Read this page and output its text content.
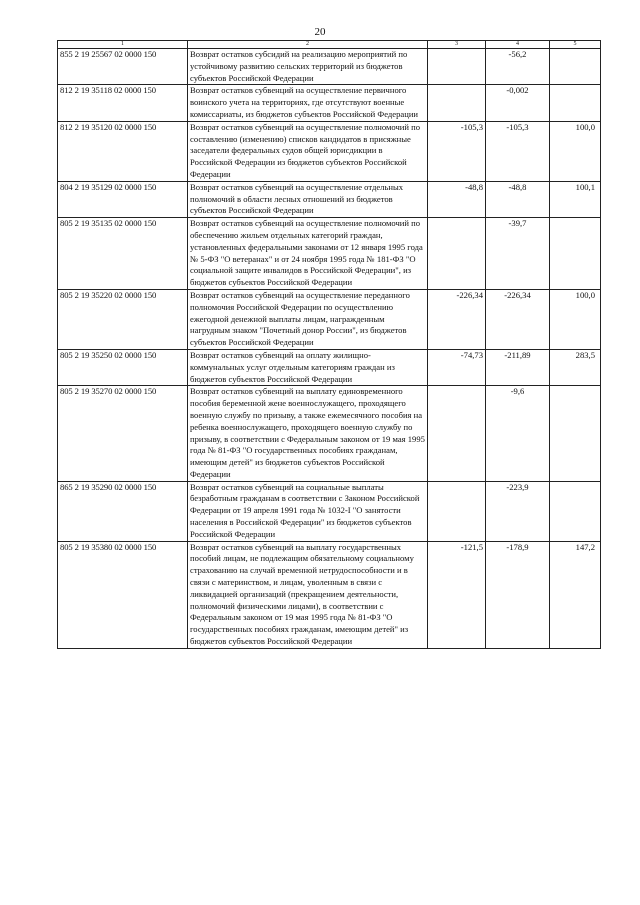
20
1	2	3	4	5
855 2 19 25567 02 0000 150	Возврат остатков субсидий на реализацию мероприятий по устойчивому развитию сельских территорий из бюджетов субъектов Российской Федерации		-56,2	
812 2 19 35118 02 0000 150	Возврат остатков субвенций на осуществление первичного воинского учета на территориях, где отсутствуют военные комиссариаты, из бюджетов субъектов Российской Федерации		-0,002	
812 2 19 35120 02 0000 150	Возврат остатков субвенций на осуществление полномочий по составлению (изменению) списков кандидатов в присяжные заседатели федеральных судов общей юрисдикции в Российской Федерации из бюджетов субъектов Российской Федерации	-105,3	-105,3	100,0
804 2 19 35129 02 0000 150	Возврат остатков субвенций на осуществление отдельных полномочий в области лесных отношений из бюджетов субъектов Российской Федерации	-48,8	-48,8	100,1
805 2 19 35135 02 0000 150	Возврат остатков субвенций на осуществление полномочий по обеспечению жильем отдельных категорий граждан, установленных федеральными законами от 12 января 1995 года № 5-ФЗ "О ветеранах" и от 24 ноября 1995 года № 181-ФЗ "О социальной защите инвалидов в Российской Федерации", из бюджетов субъектов Российской Федерации		-39,7	
805 2 19 35220 02 0000 150	Возврат остатков субвенций на осуществление переданного полномочия Российской Федерации по осуществлению ежегодной денежной выплаты лицам, награжденным нагрудным знаком "Почетный донор России", из бюджетов субъектов Российской Федерации	-226,34	-226,34	100,0
805 2 19 35250 02 0000 150	Возврат остатков субвенций на оплату жилищно-коммунальных услуг отдельным категориям граждан из бюджетов субъектов Российской Федерации	-74,73	-211,89	283,5
805 2 19 35270 02 0000 150	Возврат остатков субвенций на выплату единовременного пособия беременной жене военнослужащего, проходящего военную службу по призыву, а также ежемесячного пособия на ребенка военнослужащего, проходящего военную службу по призыву, в соответствии с Федеральным законом от 19 мая 1995 года № 81-ФЗ "О государственных пособиях гражданам, имеющим детей" из бюджетов субъектов Российской Федерации		-9,6	
865 2 19 35290 02 0000 150	Возврат остатков субвенций на социальные выплаты безработным гражданам в соответствии с Законом Российской Федерации от 19 апреля 1991 года № 1032-I "О занятости населения в Российской Федерации" из бюджетов субъектов Российской Федерации		-223,9	
805 2 19 35380 02 0000 150	Возврат остатков субвенций на выплату государственных пособий лицам, не подлежащим обязательному социальному страхованию на случай временной нетрудоспособности и в связи с материнством, и лицам, уволенным в связи с ликвидацией организаций (прекращением деятельности, полномочий физическими лицами), в соответствии с Федеральным законом от 19 мая 1995 года № 81-ФЗ "О государственных пособиях гражданам, имеющим детей" из бюджетов субъектов Российской Федерации	-121,5	-178,9	147,2
